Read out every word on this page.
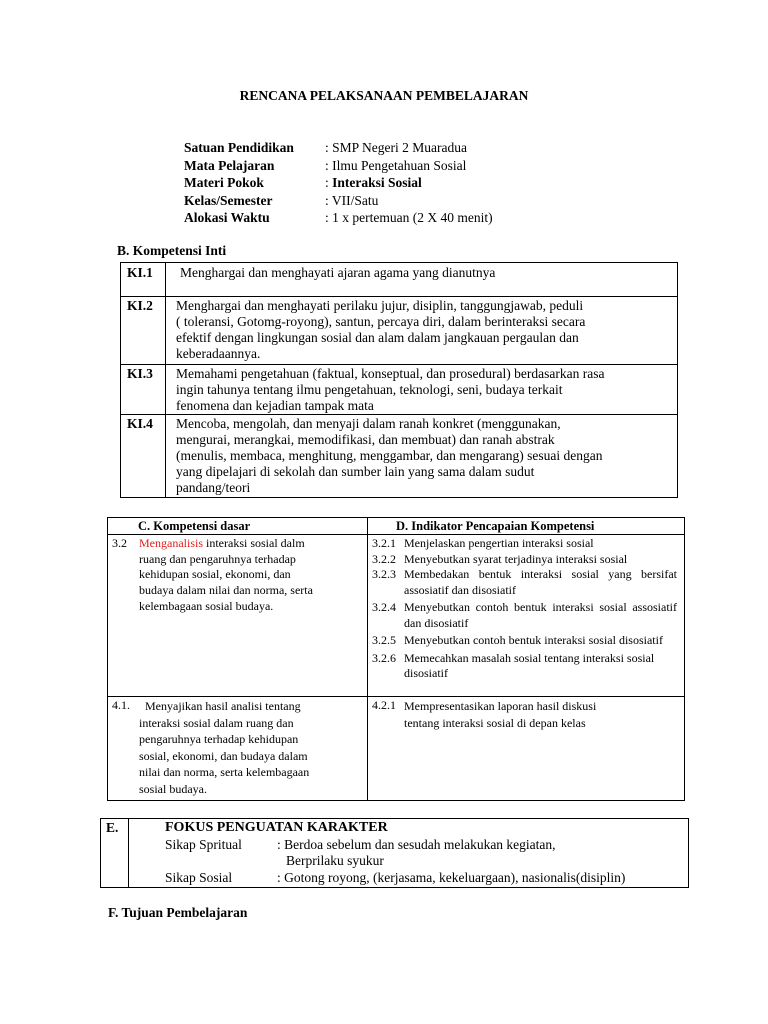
RENCANA PELAKSANAAN PEMBELAJARAN
Satuan Pendidikan : SMP Negeri 2 Muaradua
Mata Pelajaran	: Ilmu Pengetahuan Sosial
Materi Pokok	: Interaksi Sosial
Kelas/Semester	: VII/Satu
Alokasi Waktu	: 1 x pertemuan (2 X 40 menit)
B. Kompetensi Inti
KI.1 Menghargai dan menghayati ajaran agama yang dianutnya
KI.2 Menghargai dan menghayati perilaku jujur, disiplin, tanggungjawab, peduli
( toleransi, Gotomg-royong), santun, percaya diri, dalam berinteraksi secara
efektif dengan lingkungan sosial dan alam dalam jangkauan pergaulan dan
keberadaannya.
KI.3 Memahami pengetahuan (faktual, konseptual, dan prosedural) berdasarkan rasa
ingin tahunya tentang ilmu pengetahuan, teknologi, seni, budaya terkait
fenomena dan kejadian tampak mata
KI.4 Mencoba, mengolah, dan menyaji dalam ranah konkret (menggunakan,
mengurai, merangkai, memodifikasi, dan membuat) dan ranah abstrak
(menulis, membaca, menghitung, menggambar, dan mengarang) sesuai dengan
yang dipelajari di sekolah dan sumber lain yang sama dalam sudut
pandang/teori
C. Kompetensi dasar	D. Indikator Pencapaian Kompetensi
3.2 Menganalisis interaksi sosial dalm
ruang dan pengaruhnya terhadap
kehidupan sosial, ekonomi, dan
budaya dalam nilai dan norma, serta
kelembagaan sosial budaya.
3.2.1 Menjelaskan pengertian interaksi sosial
3.2.2 Menyebutkan syarat terjadinya interaksi sosial
3.2.3 Membedakan bentuk interaksi sosial yang bersifat assosiatif dan disosiatif
3.2.4 Menyebutkan contoh bentuk interaksi sosial assosiatif dan disosiatif
3.2.5 Menyebutkan contoh bentuk interaksi sosial disosiatif
3.2.6 Memecahkan masalah sosial tentang interaksi sosial disosiatif
4.1.	Menyajikan hasil analisi tentang
interaksi sosial dalam ruang dan
pengaruhnya terhadap kehidupan
sosial, ekonomi, dan budaya dalam
nilai dan norma, serta kelembagaan
sosial budaya.
4.2.1 Mempresentasikan laporan hasil diskusi
tentang interaksi sosial di depan kelas
E.	FOKUS PENGUATAN KARAKTER
Sikap Spritual	: Berdoa sebelum dan sesudah melakukan kegiatan,
Berprilaku syukur
Sikap Sosial	: Gotong royong, (kerjasama, kekeluargaan), nasionalis(disiplin)
F. Tujuan Pembelajaran
